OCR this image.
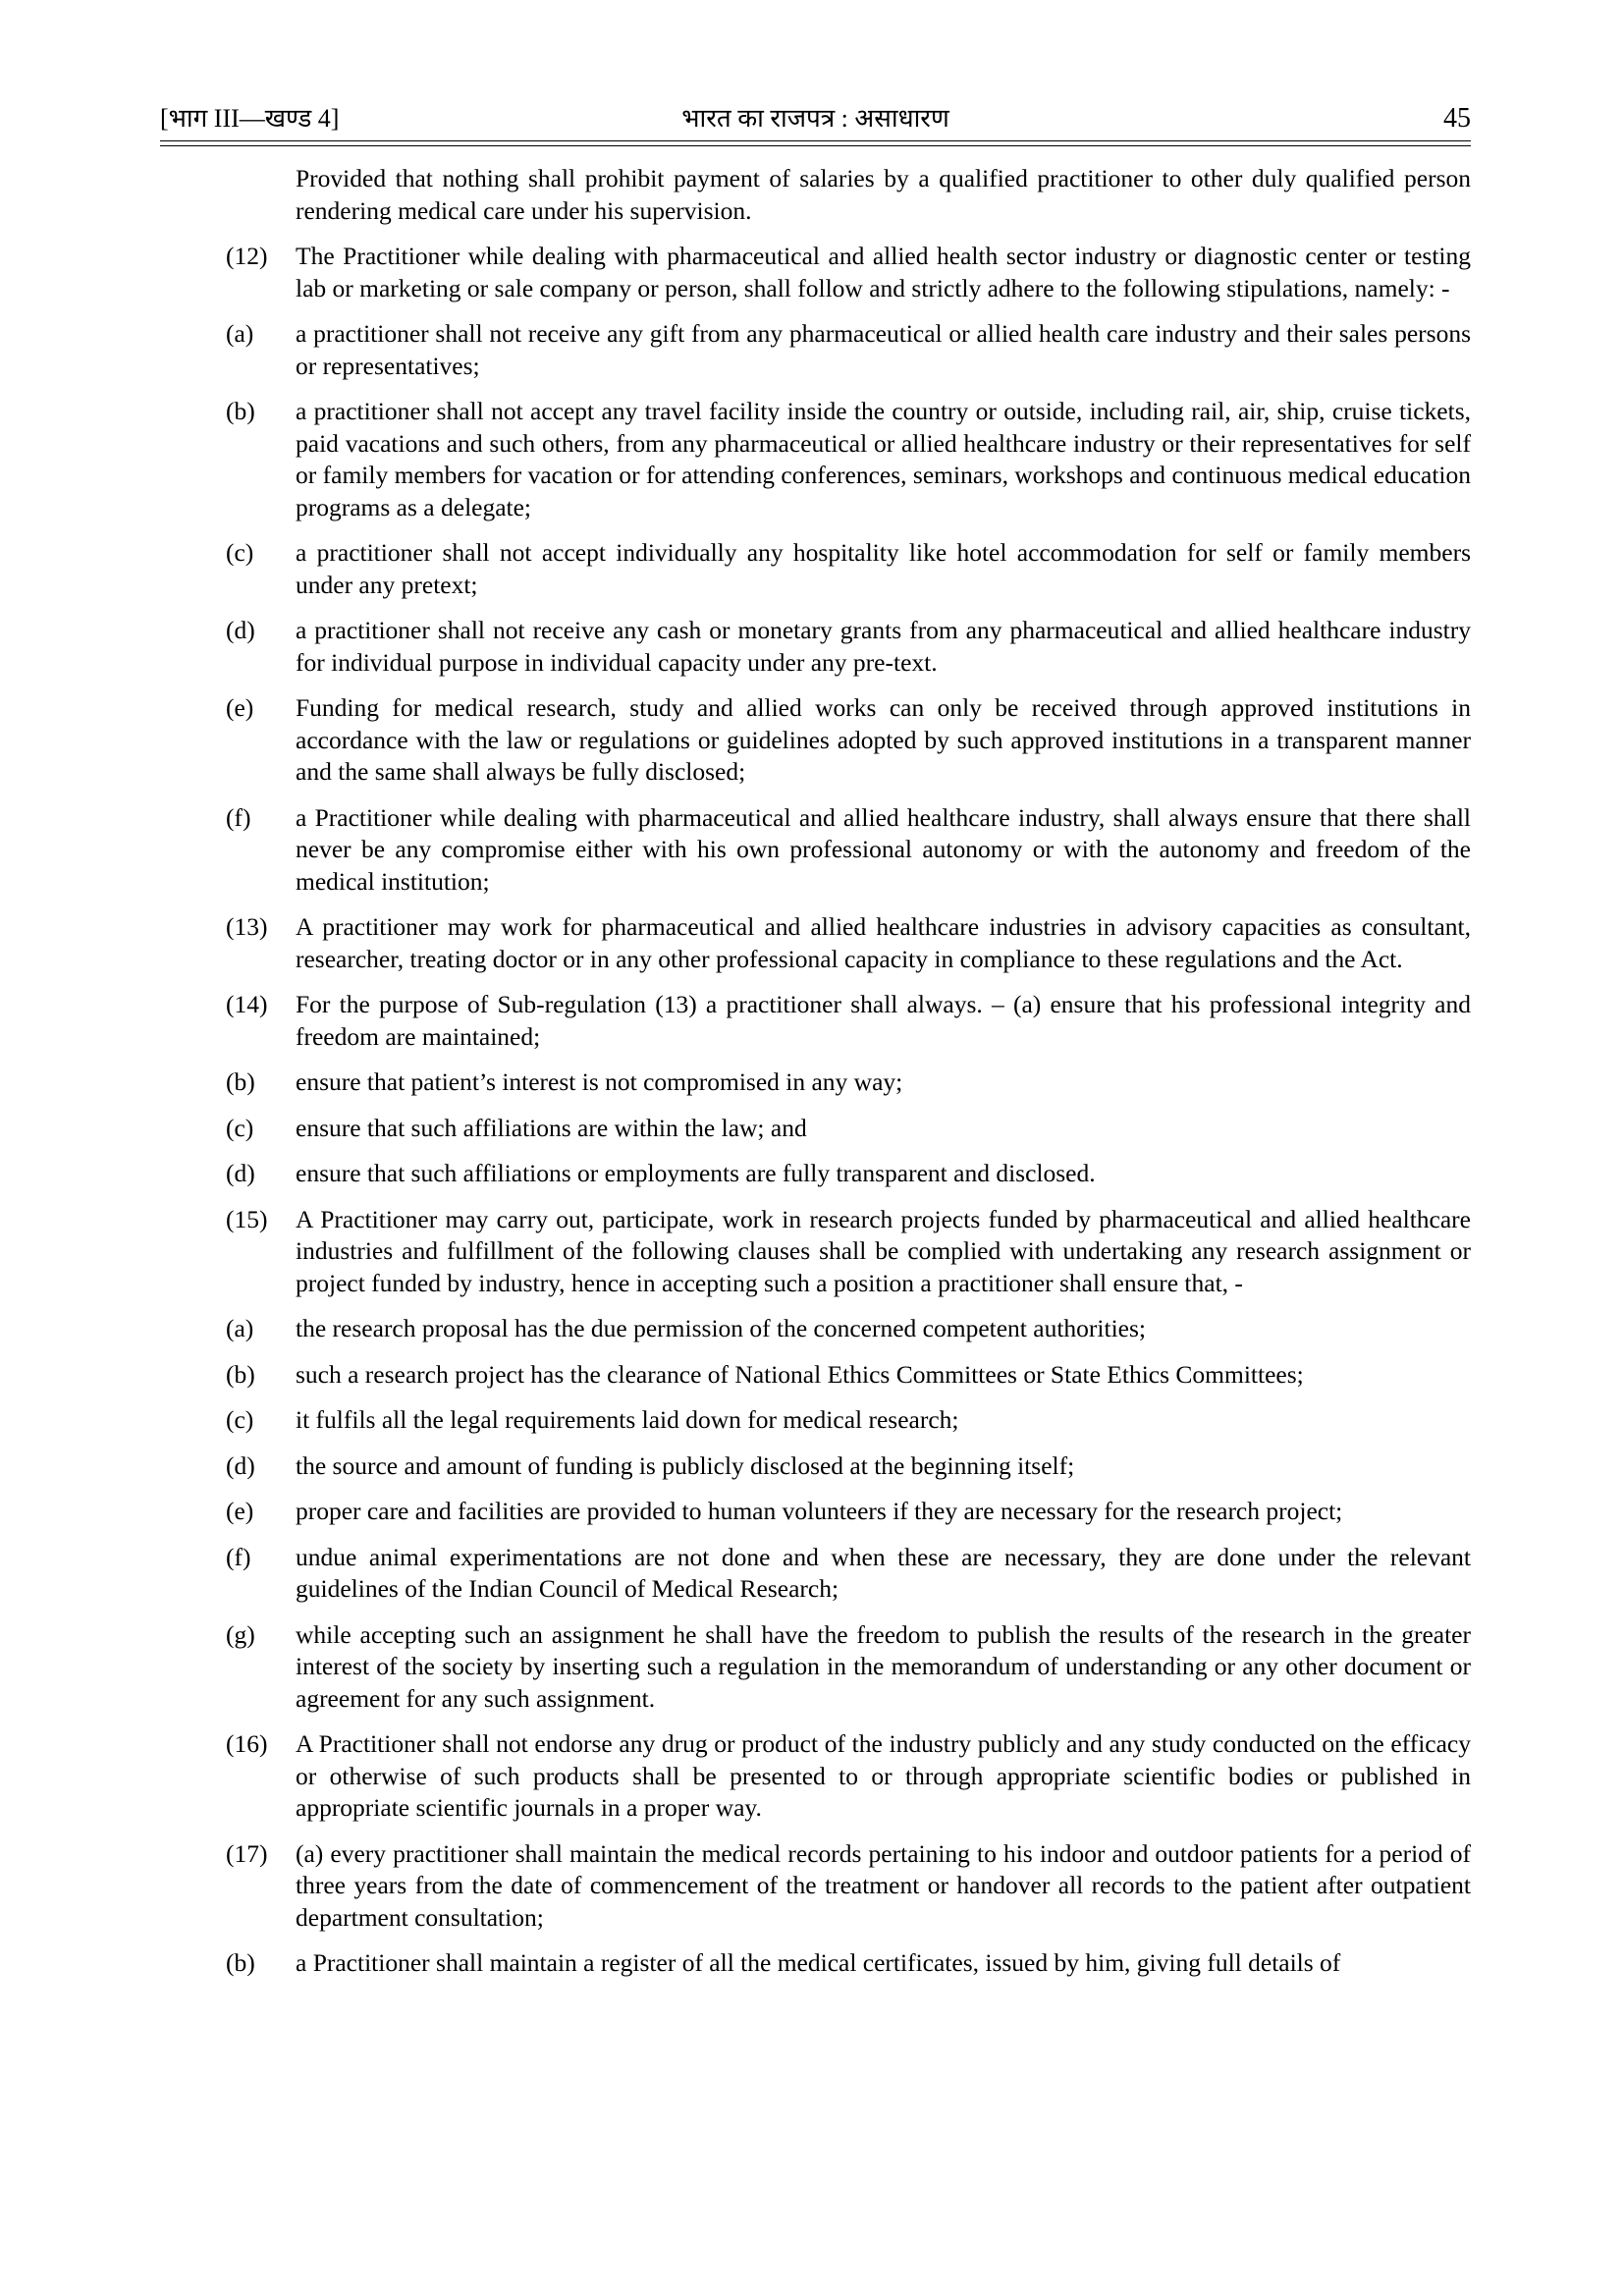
[भाग III—खण्ड 4]	भारत का राजपत्र : असाधारण	45
Provided that nothing shall prohibit payment of salaries by a qualified practitioner to other duly qualified person rendering medical care under his supervision.
(12)	The Practitioner while dealing with pharmaceutical and allied health sector industry or diagnostic center or testing lab or marketing or sale company or person, shall follow and strictly adhere to the following stipulations, namely: -
(a)	a practitioner shall not receive any gift from any pharmaceutical or allied health care industry and their sales persons or representatives;
(b)	a practitioner shall not accept any travel facility inside the country or outside, including rail, air, ship, cruise tickets, paid vacations and such others, from any pharmaceutical or allied healthcare industry or their representatives for self or family members for vacation or for attending conferences, seminars, workshops and continuous medical education programs as a delegate;
(c)	a practitioner shall not accept individually any hospitality like hotel accommodation for self or family members under any pretext;
(d)	a practitioner shall not receive any cash or monetary grants from any pharmaceutical and allied healthcare industry for individual purpose in individual capacity under any pre-text.
(e)	Funding for medical research, study and allied works can only be received through approved institutions in accordance with the law or regulations or guidelines adopted by such approved institutions in a transparent manner and the same shall always be fully disclosed;
(f)	a Practitioner while dealing with pharmaceutical and allied healthcare industry, shall always ensure that there shall never be any compromise either with his own professional autonomy or with the autonomy and freedom of the medical institution;
(13)	A practitioner may work for pharmaceutical and allied healthcare industries in advisory capacities as consultant, researcher, treating doctor or in any other professional capacity in compliance to these regulations and the Act.
(14)	For the purpose of Sub-regulation (13) a practitioner shall always. – (a) ensure that his professional integrity and freedom are maintained;
(b)	ensure that patient’s interest is not compromised in any way;
(c)	ensure that such affiliations are within the law; and
(d)	ensure that such affiliations or employments are fully transparent and disclosed.
(15)	A Practitioner may carry out, participate, work in research projects funded by pharmaceutical and allied healthcare industries and fulfillment of the following clauses shall be complied with undertaking any research assignment or project funded by industry, hence in accepting such a position a practitioner shall ensure that, -
(a)	the research proposal has the due permission of the concerned competent authorities;
(b)	such a research project has the clearance of National Ethics Committees or State Ethics Committees;
(c)	it fulfils all the legal requirements laid down for medical research;
(d)	the source and amount of funding is publicly disclosed at the beginning itself;
(e)	proper care and facilities are provided to human volunteers if they are necessary for the research project;
(f)	undue animal experimentations are not done and when these are necessary, they are done under the relevant guidelines of the Indian Council of Medical Research;
(g)	while accepting such an assignment he shall have the freedom to publish the results of the research in the greater interest of the society by inserting such a regulation in the memorandum of understanding or any other document or agreement for any such assignment.
(16)	A Practitioner shall not endorse any drug or product of the industry publicly and any study conducted on the efficacy or otherwise of such products shall be presented to or through appropriate scientific bodies or published in appropriate scientific journals in a proper way.
(17)	(a) every practitioner shall maintain the medical records pertaining to his indoor and outdoor patients for a period of three years from the date of commencement of the treatment or handover all records to the patient after outpatient department consultation;
(b)	a Practitioner shall maintain a register of all the medical certificates, issued by him, giving full details of
